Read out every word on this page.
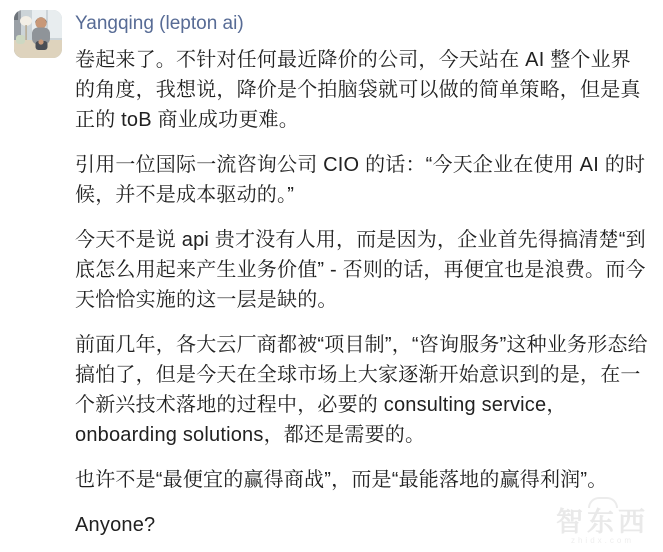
Yangqing (lepton ai)

卷起来了。不针对任何最近降价的公司，今天站在 AI 整个业界的角度，我想说，降价是个拍脑袋就可以做的简单策略，但是真正的 toB 商业成功更难。

引用一位国际一流咨询公司 CIO 的话：“今天企业在使用 AI 的时候，并不是成本驱动的。”

今天不是说 api 贵才没有人用，而是因为，企业首先得搞清楚“到底怎么用起来产生业务价值” - 否则的话，再便宜也是浪费。而今天恰恰实施的这一层是缺的。

前面几年，各大云厂商都被“项目制”，“咨询服务”这种业务形态给搞怕了，但是今天在全球市场上大家逐渐开始意识到的是，在一个新兴技术落地的过程中，必要的 consulting service，onboarding solutions，都还是需要的。

也许不是“最便宜的赢得商战”，而是“最能落地的赢得利润”。

Anyone?	智东西
zhidx.com
